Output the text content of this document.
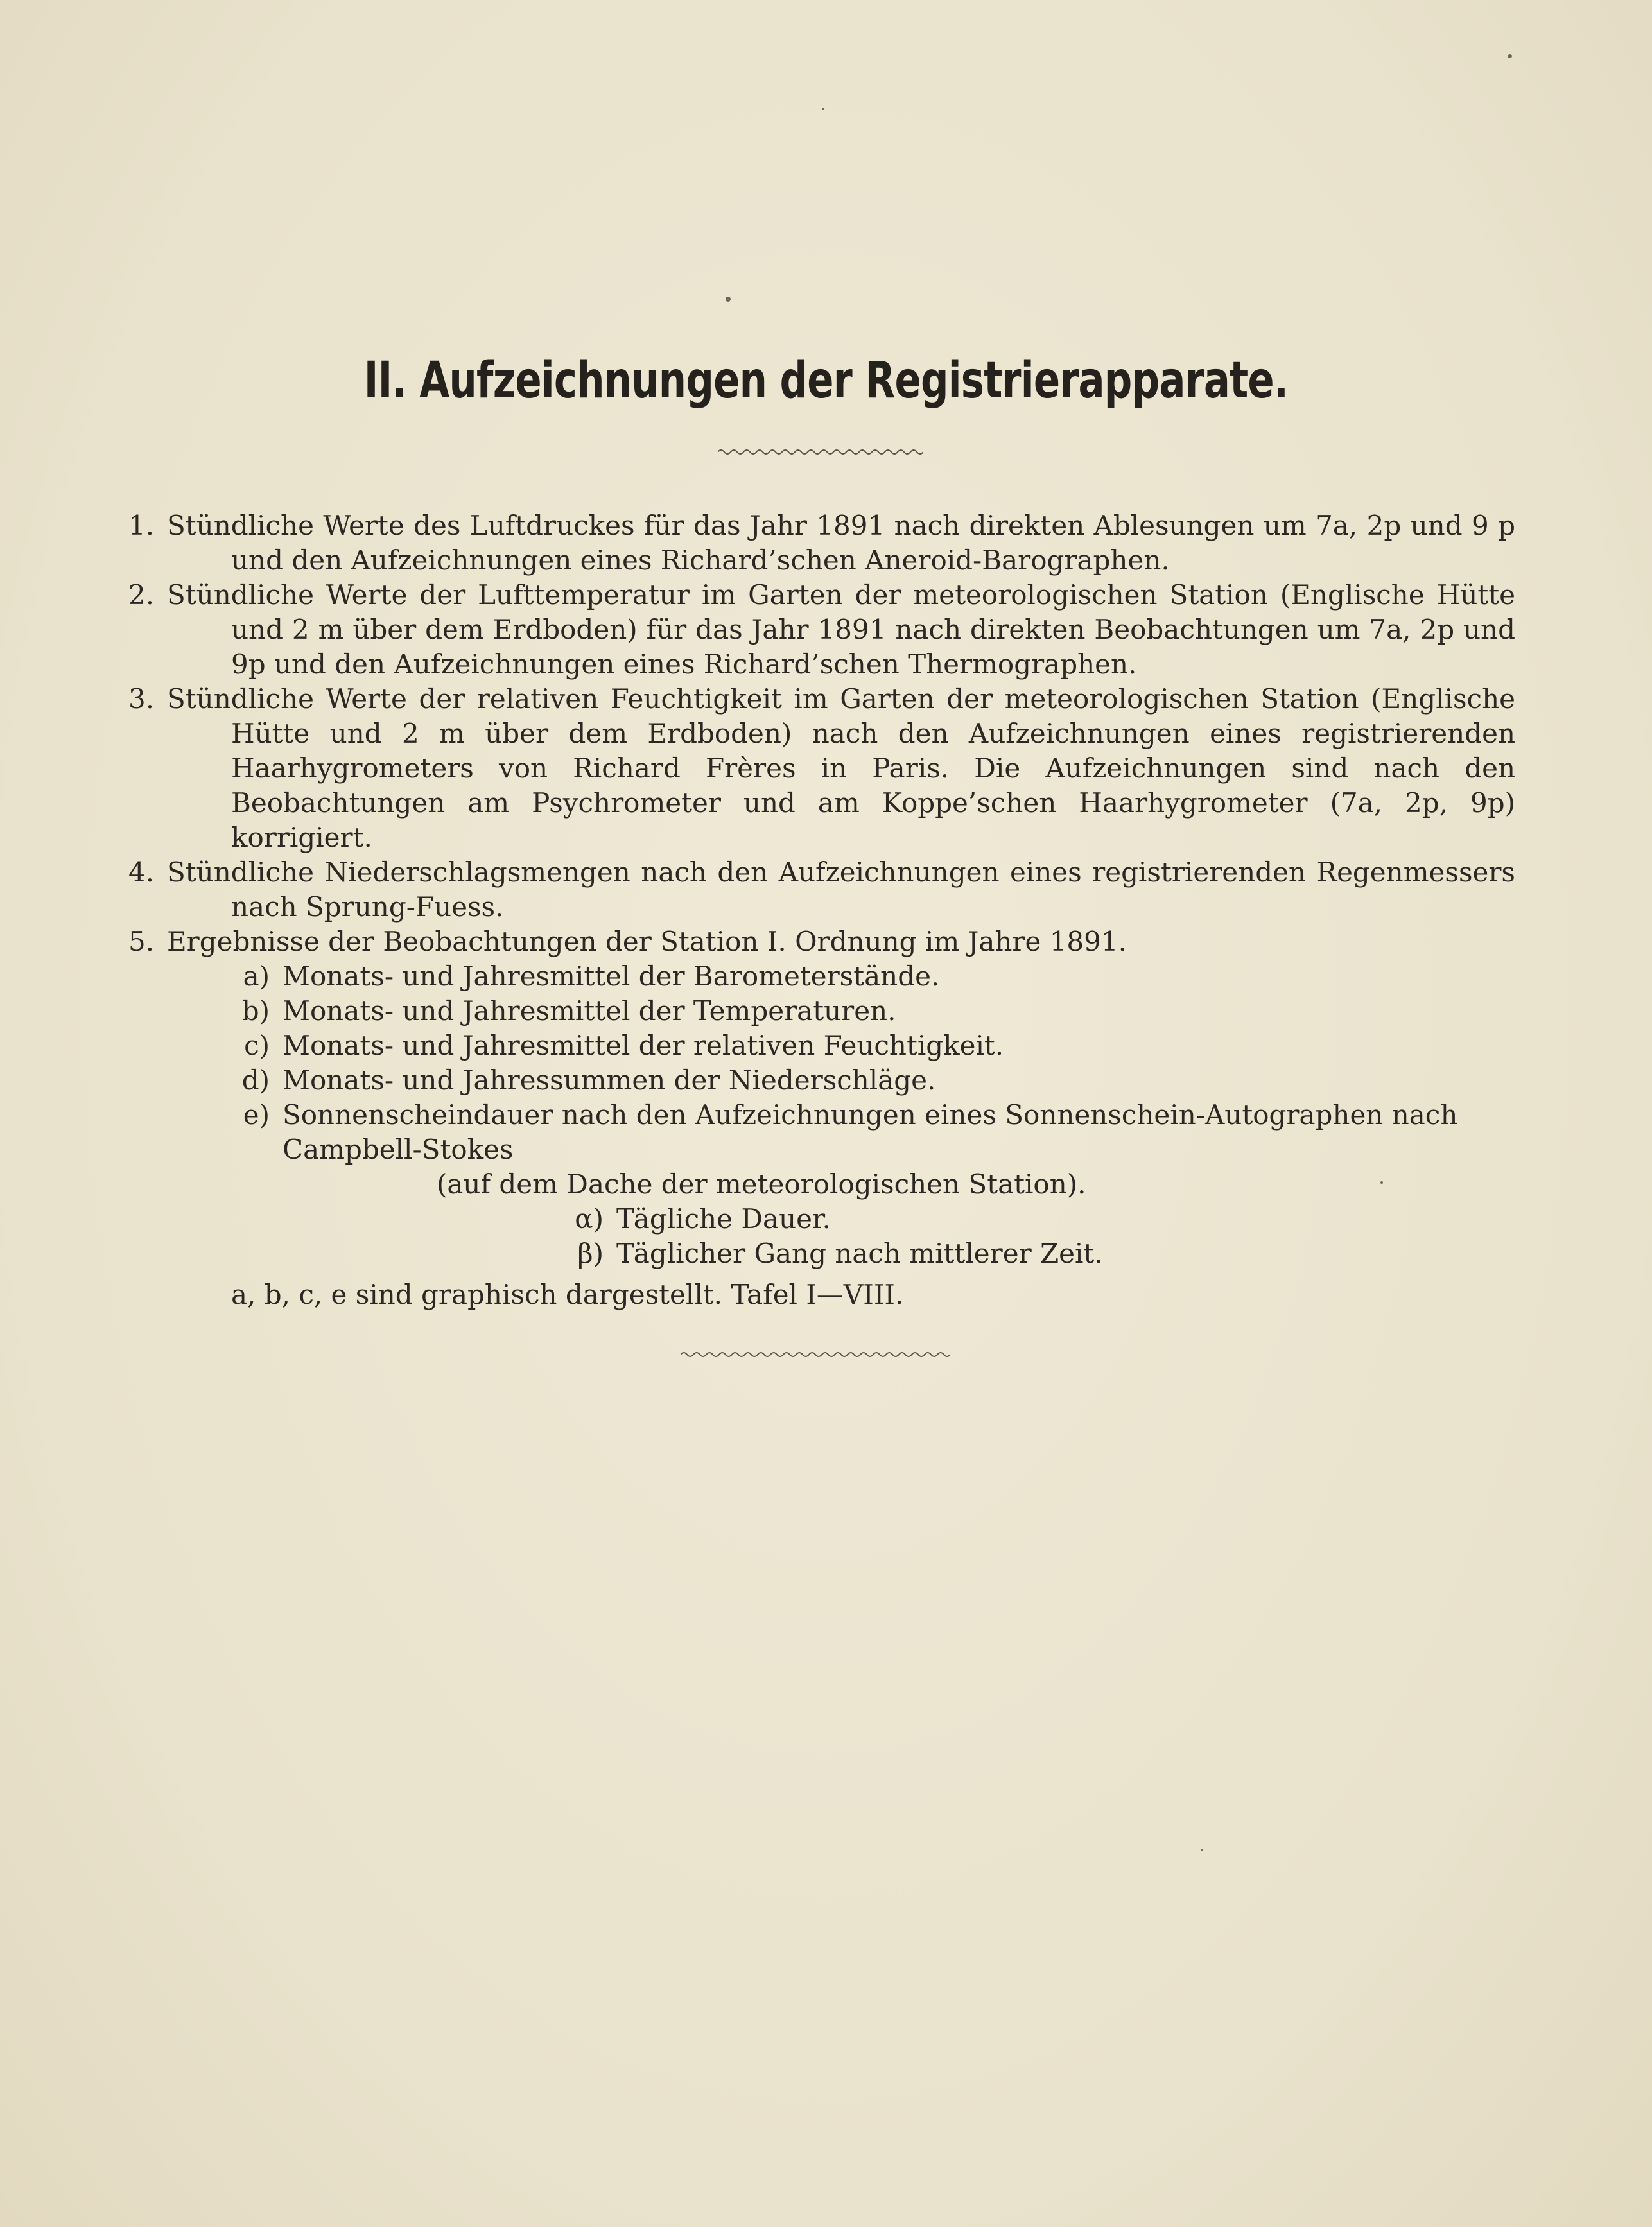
II. Aufzeichnungen der Registrierapparate.
1. Stündliche Werte des Luftdruckes für das Jahr 1891 nach direkten Ablesungen um 7a, 2p und 9 p und den Aufzeichnungen eines Richard’schen Aneroid-Barographen.
2. Stündliche Werte der Lufttemperatur im Garten der meteorologischen Station (Englische Hütte und 2 m über dem Erdboden) für das Jahr 1891 nach direkten Beobachtungen um 7a, 2p und 9p und den Aufzeichnungen eines Richard’schen Thermographen.
3. Stündliche Werte der relativen Feuchtigkeit im Garten der meteorologischen Station (Englische Hütte und 2 m über dem Erdboden) nach den Aufzeichnungen eines registrierenden Haarhygrometers von Richard Frères in Paris. Die Aufzeichnungen sind nach den Beobachtungen am Psychrometer und am Koppe’schen Haarhygrometer (7a, 2p, 9p) korrigiert.
4. Stündliche Niederschlagsmengen nach den Aufzeichnungen eines registrierenden Regenmessers nach Sprung-Fuess.
5. Ergebnisse der Beobachtungen der Station I. Ordnung im Jahre 1891.
a) Monats- und Jahresmittel der Barometerstände.
b) Monats- und Jahresmittel der Temperaturen.
c) Monats- und Jahresmittel der relativen Feuchtigkeit.
d) Monats- und Jahressummen der Niederschläge.
e) Sonnenscheindauer nach den Aufzeichnungen eines Sonnenschein-Autographen nach Campbell-Stokes
(auf dem Dache der meteorologischen Station).
α) Tägliche Dauer.
β) Täglicher Gang nach mittlerer Zeit.
a, b, c, e sind graphisch dargestellt. Tafel I—VIII.
